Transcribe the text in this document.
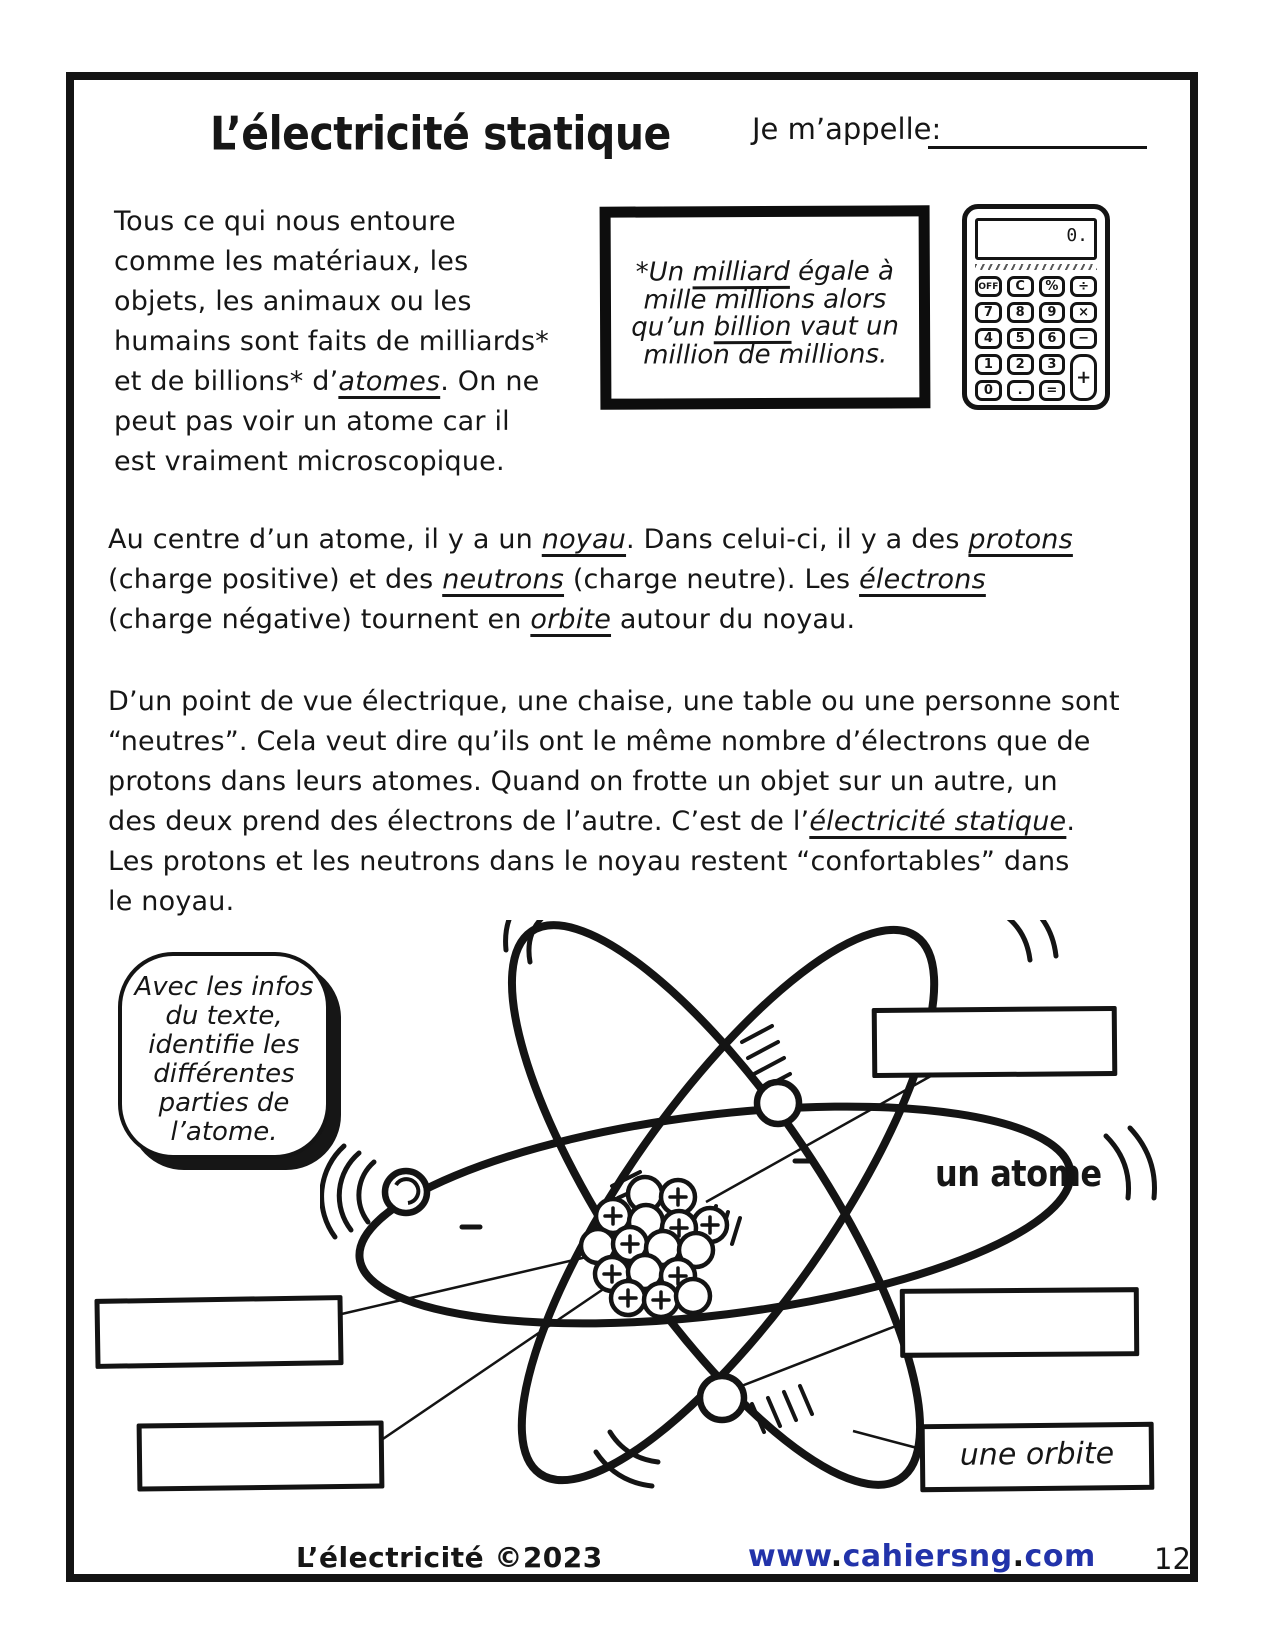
L’électricité statique	Je m’appelle:
Tous ce qui nous entoure
comme les matériaux, les
objets, les animaux ou les
humains sont faits de milliards*
et de billions* d’atomes. On ne
peut pas voir un atome car il
est vraiment microscopique.
*Un milliard égale à
mille millions alors
qu’un billion vaut un
million de millions.
0.
OFF	C	%	÷
7	8	9	×
4	5	6	−
+
1	2	3
0	.	=
Au centre d’un atome, il y a un noyau. Dans celui-ci, il y a des protons
(charge positive) et des neutrons (charge neutre). Les électrons
(charge négative) tournent en orbite autour du noyau.
D’un point de vue électrique, une chaise, une table ou une personne sont
“neutres”. Cela veut dire qu’ils ont le même nombre d’électrons que de
protons dans leurs atomes. Quand on frotte un objet sur un autre, un
des deux prend des électrons de l’autre. C’est de l’électricité statique.
Les protons et les neutrons dans le noyau restent “confortables” dans
le noyau.
Avec les infos
du texte,
identifie les
différentes
parties de
l’atome.
un atome
une orbite
L’électricité ©2023	www.cahiersng.com 12
